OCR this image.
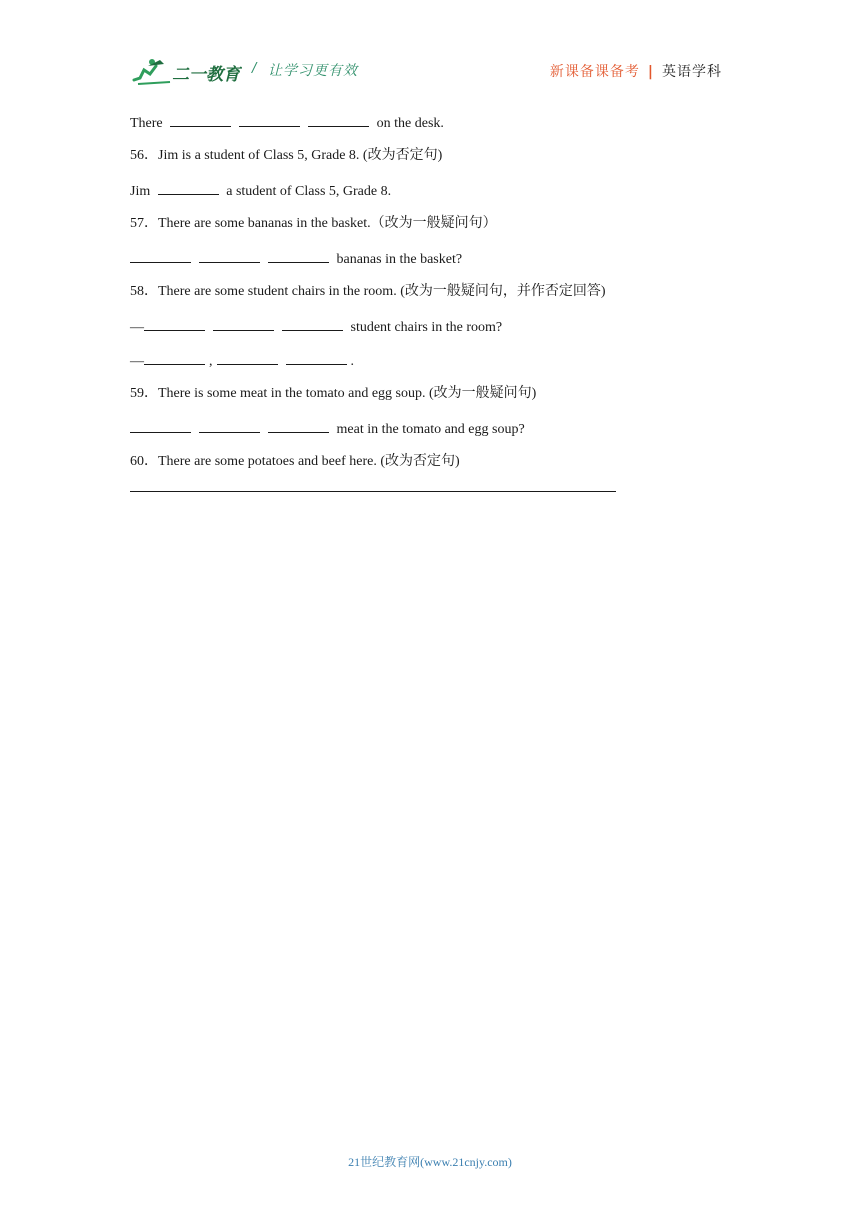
二一教育 / 让学习更有效	新课备课备考 | 英语学科
There	on the desk.
56．Jim is a student of Class 5, Grade 8. (改为否定句)
Jim	a student of Class 5, Grade 8.
57．There are some bananas in the basket.（改为一般疑问句）
bananas in the basket?
58．There are some student chairs in the room. (改为一般疑问句，并作否定回答)
—	student chairs in the room?
—	,	.
59．There is some meat in the tomato and egg soup. (改为一般疑问句)
meat in the tomato and egg soup?
60．There are some potatoes and beef here. (改为否定句)
21世纪教育网(www.21cnjy.com)
